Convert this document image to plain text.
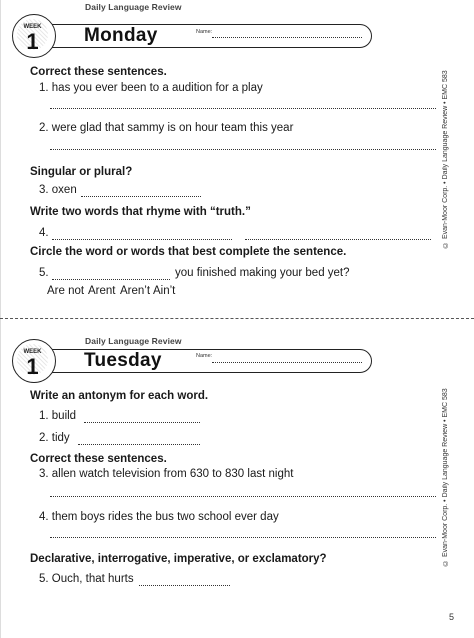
Daily Language Review
WEEK
1	Monday	Name:
Correct these sentences.
1. has you ever been to a audition for a play
2. were glad that sammy is on hour team this year
Singular or plural?
3. oxen
Write two words that rhyme with “truth.”
4.
Circle the word or words that best complete the sentence.
5.	you finished making your bed yet?
Are not Arent Aren’t Ain’t
© Evan-Moor Corp. • Daily Language Review • EMC 583
Daily Language Review
WEEK
1	Tuesday	Name:
Write an antonym for each word.
1. build
2. tidy
Correct these sentences.
3. allen watch television from 630 to 830 last night
4. them boys rides the bus two school ever day
Declarative, interrogative, imperative, or exclamatory?
5. Ouch, that hurts
© Evan-Moor Corp. • Daily Language Review • EMC 583
5
